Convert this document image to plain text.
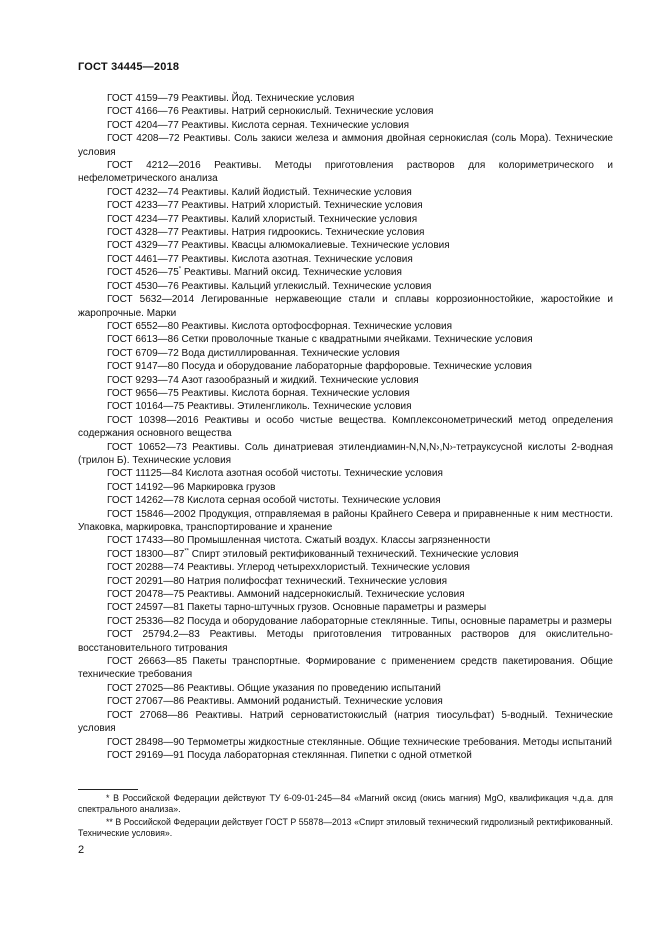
ГОСТ 34445—2018

ГОСТ 4159—79 Реактивы. Йод. Технические условия

ГОСТ 4166—76 Реактивы. Натрий сернокислый. Технические условия

ГОСТ 4204—77 Реактивы. Кислота серная. Технические условия

ГОСТ 4208—72 Реактивы. Соль закиси железа и аммония двойная сернокислая (соль Мора). Технические условия

ГОСТ 4212—2016 Реактивы. Методы приготовления растворов для колориметрического и нефелометрического анализа

ГОСТ 4232—74 Реактивы. Калий йодистый. Технические условия

ГОСТ 4233—77 Реактивы. Натрий хлористый. Технические условия

ГОСТ 4234—77 Реактивы. Калий хлористый. Технические условия

ГОСТ 4328—77 Реактивы. Натрия гидроокись. Технические условия

ГОСТ 4329—77 Реактивы. Квасцы алюмокалиевые. Технические условия

ГОСТ 4461—77 Реактивы. Кислота азотная. Технические условия

ГОСТ 4526—75* Реактивы. Магний оксид. Технические условия

ГОСТ 4530—76 Реактивы. Кальций углекислый. Технические условия

ГОСТ 5632—2014 Легированные нержавеющие стали и сплавы коррозионностойкие, жаростойкие и жаропрочные. Марки

ГОСТ 6552—80 Реактивы. Кислота ортофосфорная. Технические условия

ГОСТ 6613—86 Сетки проволочные тканые с квадратными ячейками. Технические условия

ГОСТ 6709—72 Вода дистиллированная. Технические условия

ГОСТ 9147—80 Посуда и оборудование лабораторные фарфоровые. Технические условия

ГОСТ 9293—74 Азот газообразный и жидкий. Технические условия

ГОСТ 9656—75 Реактивы. Кислота борная. Технические условия

ГОСТ 10164—75 Реактивы. Этиленгликоль. Технические условия

ГОСТ 10398—2016 Реактивы и особо чистые вещества. Комплексонометрический метод определения содержания основного вещества

ГОСТ 10652—73 Реактивы. Соль динатриевая этилендиамин-N,N,N›,N›-тетрауксусной кислоты 2-водная (трилон Б). Технические условия

ГОСТ 11125—84 Кислота азотная особой чистоты. Технические условия

ГОСТ 14192—96 Маркировка грузов

ГОСТ 14262—78 Кислота серная особой чистоты. Технические условия

ГОСТ 15846—2002 Продукция, отправляемая в районы Крайнего Севера и приравненные к ним местности. Упаковка, маркировка, транспортирование и хранение

ГОСТ 17433—80 Промышленная чистота. Сжатый воздух. Классы загрязненности

ГОСТ 18300—87** Спирт этиловый ректификованный технический. Технические условия

ГОСТ 20288—74 Реактивы. Углерод четыреххлористый. Технические условия

ГОСТ 20291—80 Натрия полифосфат технический. Технические условия

ГОСТ 20478—75 Реактивы. Аммоний надсернокислый. Технические условия

ГОСТ 24597—81 Пакеты тарно-штучных грузов. Основные параметры и размеры

ГОСТ 25336—82 Посуда и оборудование лабораторные стеклянные. Типы, основные параметры и размеры

ГОСТ 25794.2—83 Реактивы. Методы приготовления титрованных растворов для окислительно-восстановительного титрования

ГОСТ 26663—85 Пакеты транспортные. Формирование с применением средств пакетирования. Общие технические требования

ГОСТ 27025—86 Реактивы. Общие указания по проведению испытаний

ГОСТ 27067—86 Реактивы. Аммоний роданистый. Технические условия

ГОСТ 27068—86 Реактивы. Натрий серноватистокислый (натрия тиосульфат) 5-водный. Технические условия

ГОСТ 28498—90 Термометры жидкостные стеклянные. Общие технические требования. Методы испытаний

ГОСТ 29169—91 Посуда лабораторная стеклянная. Пипетки с одной отметкой

* В Российской Федерации действуют ТУ 6-09-01-245—84 «Магний оксид (окись магния) MgO, квалификация ч.д.а. для спектрального анализа».

** В Российской Федерации действует ГОСТ Р 55878—2013 «Спирт этиловый технический гидролизный ректификованный. Технические условия».

2
